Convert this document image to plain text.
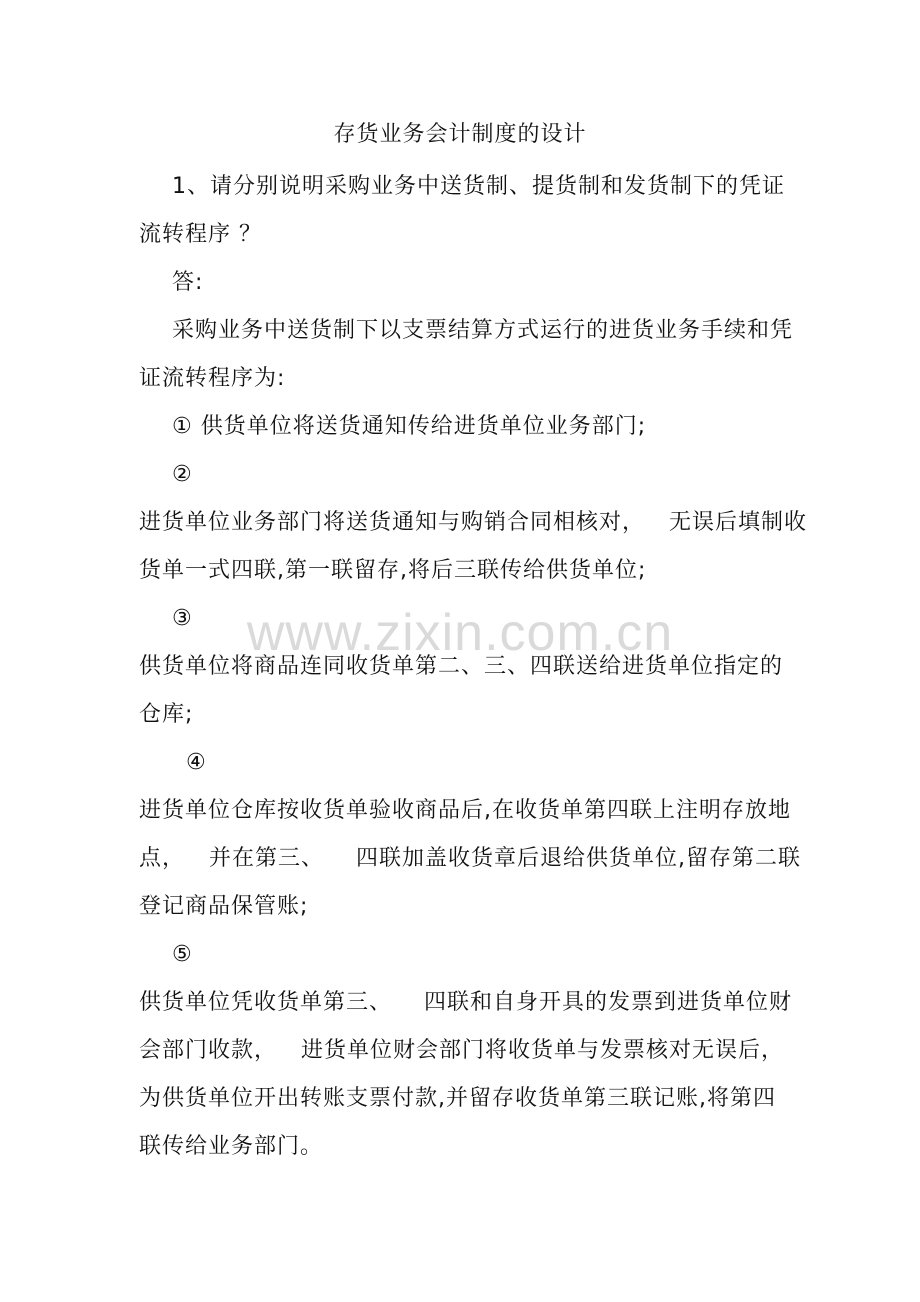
存货业务会计制度的设计
1、请分别说明采购业务中送货制、提货制和发货制下的凭证
流转程序 ？
答:
采购业务中送货制下以支票结算方式运行的进货业务手续和凭
证流转程序为:
① 供货单位将送货通知传给进货单位业务部门;
②
进货单位业务部门将送货通知与购销合同相核对，   无误后填制收
货单一式四联,第一联留存,将后三联传给供货单位;
③
供货单位将商品连同收货单第二、三、四联送给进货单位指定的
仓库;
④
进货单位仓库按收货单验收商品后,在收货单第四联上注明存放地
点，   并在第三、    四联加盖收货章后退给供货单位,留存第二联
登记商品保管账;
⑤
供货单位凭收货单第三、    四联和自身开具的发票到进货单位财
会部门收款，   进货单位财会部门将收货单与发票核对无误后，
为供货单位开出转账支票付款,并留存收货单第三联记账,将第四
联传给业务部门。
www.zixin.com.cn
